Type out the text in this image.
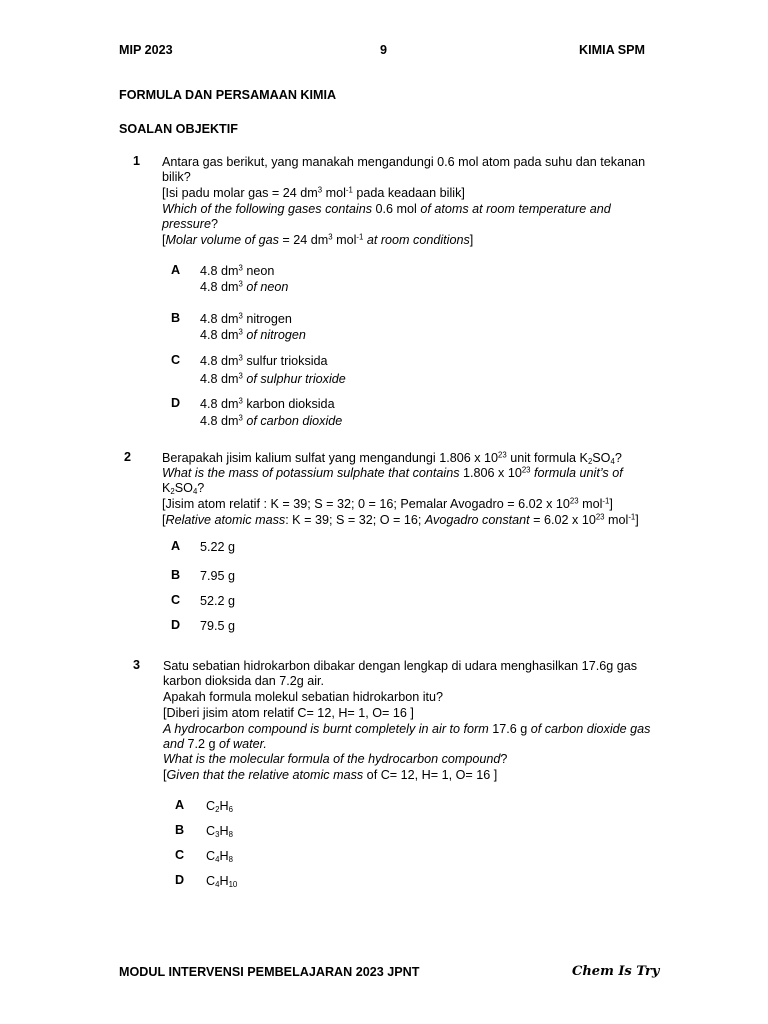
MIP 2023	9	KIMIA SPM
FORMULA DAN PERSAMAAN KIMIA
SOALAN OBJEKTIF
1 Antara gas berikut, yang manakah mengandungi 0.6 mol atom pada suhu dan tekanan
bilik?
[Isi padu molar gas = 24 $dm^3$ mol$^{-1}$ pada keadaan bilik]
Which of the following gases contains 0.6 mol of atoms at room temperature and
pressure?
[Molar volume of gas = 24 $dm^3$ mol$^{-1}$ at room conditions]
A 4.8 $dm^3$ neon
4.8 $dm^3$ of neon
B 4.8 $dm^3$ nitrogen
4.8 $dm^3$ of nitrogen
C 4.8 $dm^3$ sulfur trioksida
4.8 $dm^3$ of sulphur trioxide
D 4.8 $dm^3$ karbon dioksida
4.8 $dm^3$ of carbon dioxide
2 Berapakah jisim kalium sulfat yang mengandungi 1.806 x $10^{23}$ unit formula $K_2SO_4$?
What is the mass of potassium sulphate that contains 1.806 x $10^{23}$ formula unit’s of
$K_2SO_4$?
[Jisim atom relatif : K = 39; S = 32; 0 = 16; Pemalar Avogadro = 6.02 x $10^{23}$ mol$^{-1}$]
[Relative atomic mass: K = 39; S = 32; O = 16; Avogadro constant = 6.02 x $10^{23}$ mol$^{-1}$]
A 5.22 g
B 7.95 g
C 52.2 g
D 79.5 g
3 Satu sebatian hidrokarbon dibakar dengan lengkap di udara menghasilkan 17.6g gas
karbon dioksida dan 7.2g air.
Apakah formula molekul sebatian hidrokarbon itu?
[Diberi jisim atom relatif C= 12, H= 1, O= 16 ]
A hydrocarbon compound is burnt completely in air to form 17.6 g of carbon dioxide gas
and 7.2 g of water.
What is the molecular formula of the hydrocarbon compound?
[Given that the relative atomic mass of C= 12, H= 1, O= 16 ]
A $C_2H_6$
B $C_3H_8$
C $C_4H_8$
D $C_4H_{10}$
MODUL INTERVENSI PEMBELAJARAN 2023 JPNT	Chem Is Try
